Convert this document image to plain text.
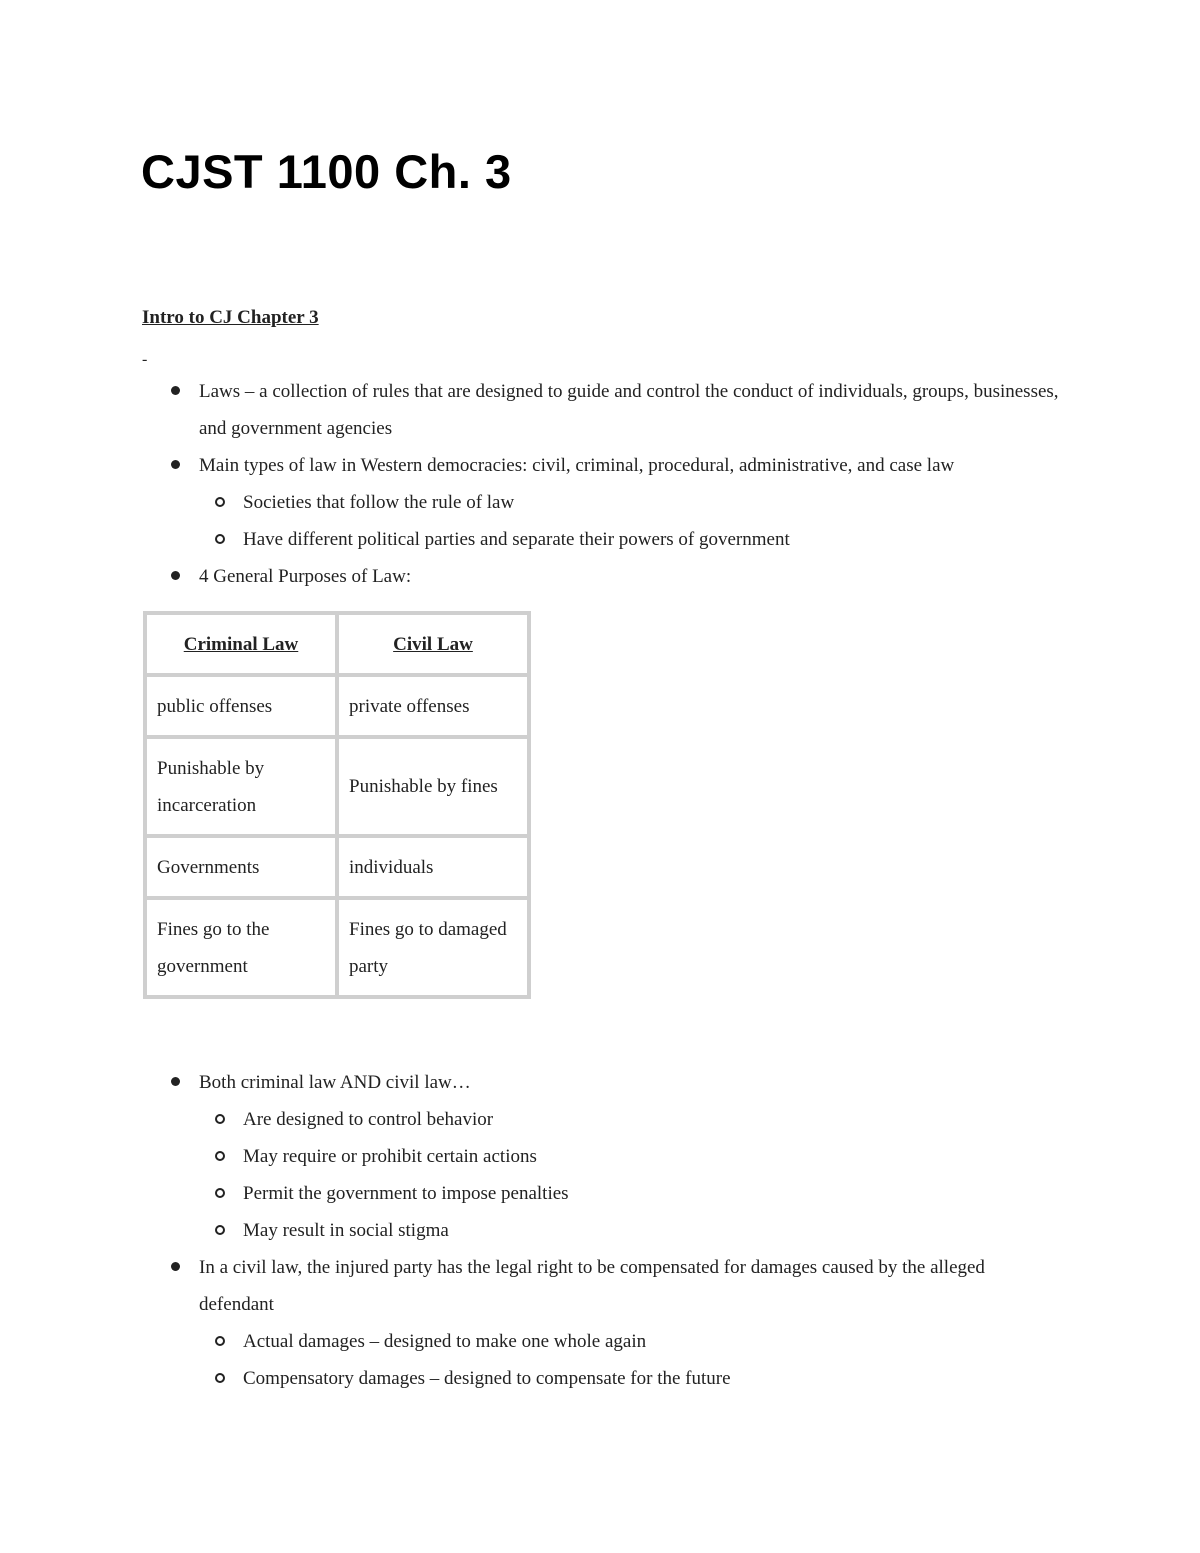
CJST 1100 Ch. 3
Intro to CJ Chapter 3
-
Laws – a collection of rules that are designed to guide and control the conduct of individuals, groups, businesses, and government agencies
Main types of law in Western democracies: civil, criminal, procedural, administrative, and case law
Societies that follow the rule of law
Have different political parties and separate their powers of government
4 General Purposes of Law:
Criminal Law	Civil Law
public offenses	private offenses
Punishable by incarceration	Punishable by fines
Governments	individuals
Fines go to the government	Fines go to damaged party
Both criminal law AND civil law…
Are designed to control behavior
May require or prohibit certain actions
Permit the government to impose penalties
May result in social stigma
In a civil law, the injured party has the legal right to be compensated for damages caused by the alleged defendant
Actual damages – designed to make one whole again
Compensatory damages – designed to compensate for the future
